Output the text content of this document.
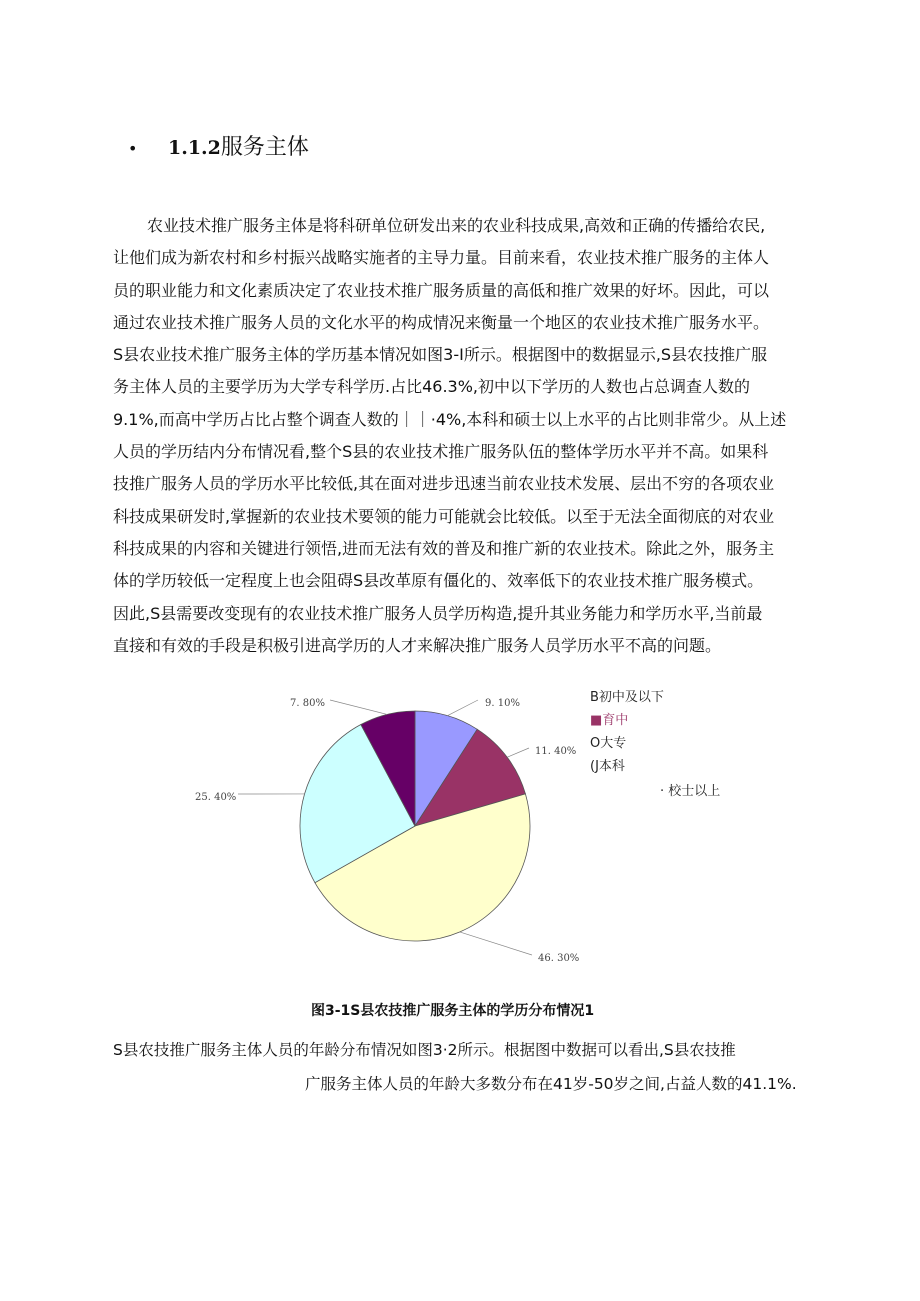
• 1.1.2服务主体
农业技术推广服务主体是将科研单位研发出来的农业科技成果,高效和正确的传播给农民,
让他们成为新农村和乡村振兴战略实施者的主导力量。目前来看，农业技术推广服务的主体人
员的职业能力和文化素质决定了农业技术推广服务质量的高低和推广效果的好坏。因此，可以
通过农业技术推广服务人员的文化水平的构成情况来衡量一个地区的农业技术推广服务水平。
S县农业技术推广服务主体的学历基本情况如图3-I所示。根据图中的数据显示,S县农技推广服
务主体人员的主要学历为大学专科学历.占比46.3%,初中以下学历的人数也占总调查人数的
9.1%,而高中学历占比占整个调查人数的｜｜·4%,本科和硕士以上水平的占比则非常少。从上述
人员的学历结内分布情况看,整个S县的农业技术推广服务队伍的整体学历水平并不高。如果科
技推广服务人员的学历水平比较低,其在面对进步迅速当前农业技术发展、层出不穷的各项农业
科技成果研发时,掌握新的农业技术要领的能力可能就会比较低。以至于无法全面彻底的对农业
科技成果的内容和关键进行领悟,进而无法有效的普及和推广新的农业技术。除此之外，服务主
体的学历较低一定程度上也会阻碍S县改革原有僵化的、效率低下的农业技术推广服务模式。
因此,S县需要改变现有的农业技术推广服务人员学历构造,提升其业务能力和学历水平,当前最
直接和有效的手段是积极引进高学历的人才来解决推广服务人员学历水平不高的问题。
9. 10%
11. 40%
46. 30%
25. 40%
7. 80%	B初中及以下
■育中
O大专
(J本科
· 校士以上
图3-1S县农技推广服务主体的学历分布情况1
S县农技推广服务主体人员的年龄分布情况如图3·2所示。根据图中数据可以看出,S县农技推
广服务主体人员的年龄大多数分布在41岁-50岁之间,占益人数的41.1%.
